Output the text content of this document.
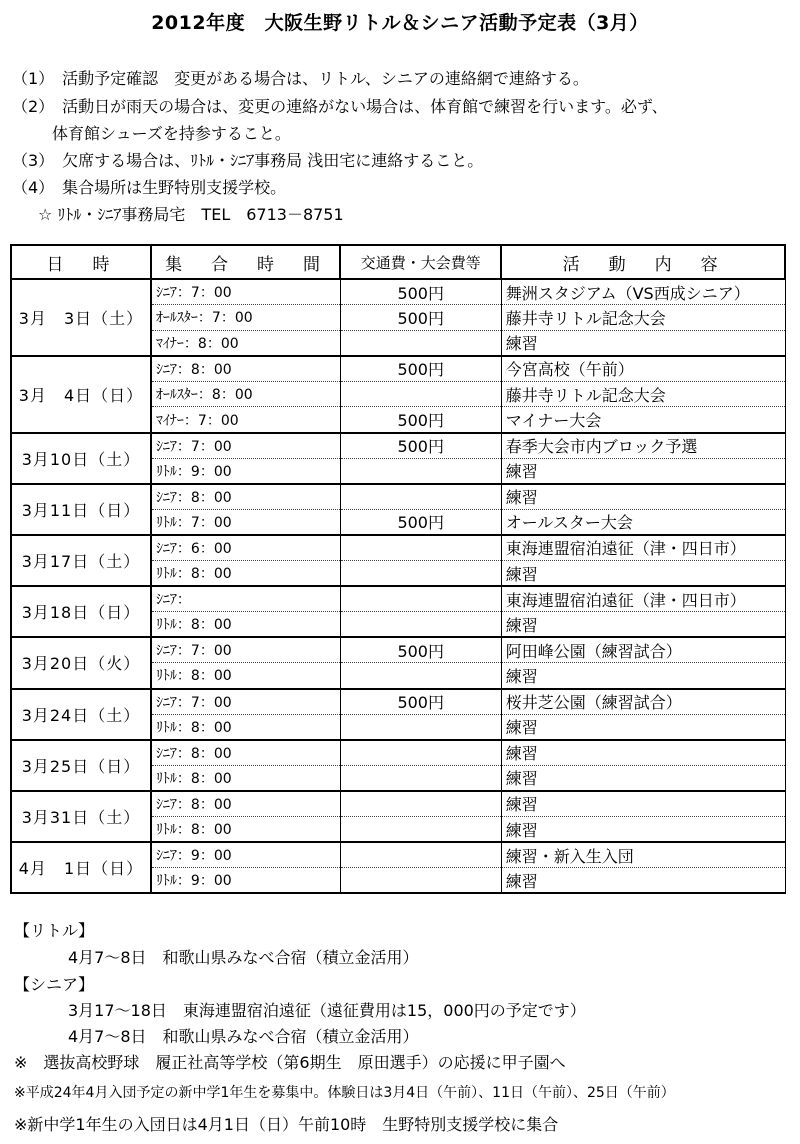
2012年度　大阪生野リトル＆シニア活動予定表（3月）
（1）　活動予定確認　変更がある場合は、リトル、シニアの連絡網で連絡する。
（2）　活動日が雨天の場合は、変更の連絡がない場合は、体育館で練習を行います。必ず、
体育館シューズを持参すること。
（3）　欠席する場合は、ﾘﾄﾙ・ｼﾆｱ事務局 浅田宅に連絡すること。
（4）　集合場所は生野特別支援学校。
☆ ﾘﾄﾙ・ｼﾆｱ事務局宅　TEL　6713－8751
日　時	集　合　時　間	交通費・大会費等	活　動　内　容
3月　3日（土）	ｼﾆｱ：7：00	500円	舞洲スタジアム（VS西成シニア）
	ｵｰﾙｽﾀｰ：7：00	500円	藤井寺リトル記念大会
	ﾏｲﾅｰ：8：00		練習
3月　4日（日）	ｼﾆｱ：8：00	500円	今宮高校（午前）
	ｵｰﾙｽﾀｰ：8：00		藤井寺リトル記念大会
	ﾏｲﾅｰ：7：00	500円	マイナー大会
3月10日（土）	ｼﾆｱ：7：00	500円	春季大会市内ブロック予選
	ﾘﾄﾙ：9：00		練習
3月11日（日）	ｼﾆｱ：8：00		練習
	ﾘﾄﾙ：7：00	500円	オールスター大会
3月17日（土）	ｼﾆｱ：6：00		東海連盟宿泊遠征（津・四日市）
	ﾘﾄﾙ：8：00		練習
3月18日（日）	ｼﾆｱ：		東海連盟宿泊遠征（津・四日市）
	ﾘﾄﾙ：8：00		練習
3月20日（火）	ｼﾆｱ：7：00	500円	阿田峰公園（練習試合）
	ﾘﾄﾙ：8：00		練習
3月24日（土）	ｼﾆｱ：7：00	500円	桜井芝公園（練習試合）
	ﾘﾄﾙ：8：00		練習
3月25日（日）	ｼﾆｱ：8：00		練習
	ﾘﾄﾙ：8：00		練習
3月31日（土）	ｼﾆｱ：8：00		練習
	ﾘﾄﾙ：8：00		練習
4月　1日（日）	ｼﾆｱ：9：00		練習・新入生入団
	ﾘﾄﾙ：9：00		練習
【リトル】
4月7～8日　和歌山県みなべ合宿（積立金活用）
【シニア】
3月17～18日　東海連盟宿泊遠征（遠征費用は15，000円の予定です）
4月7～8日　和歌山県みなべ合宿（積立金活用）
※　選抜高校野球　履正社高等学校（第6期生　原田選手）の応援に甲子園へ
※平成24年4月入団予定の新中学1年生を募集中。体験日は3月4日（午前）、11日（午前）、25日（午前）
※新中学1年生の入団日は4月1日（日）午前10時　生野特別支援学校に集合
